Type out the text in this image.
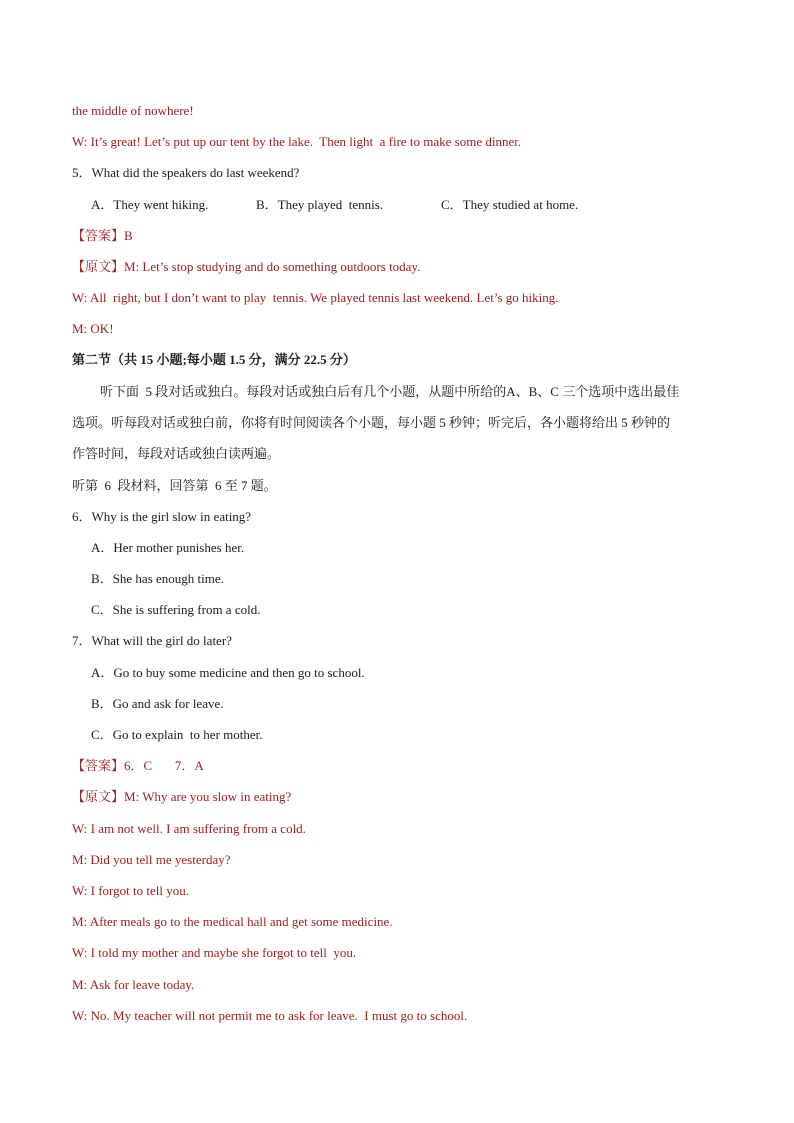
the middle of nowhere!
W: It’s great! Let’s put up our tent by the lake.  Then light  a fire to make some dinner.
5．What did the speakers do last weekend?
A．They went hiking.	B．They played  tennis.	C．They studied at home.
【答案】B
【原文】M: Let’s stop studying and do something outdoors today.
W: All  right, but I don’t want to play  tennis. We played tennis last weekend. Let’s go hiking.
M: OK!
第二节（共 15 小题;每小题 1.5 分，满分 22.5 分）
听下面  5 段对话或独白。每段对话或独白后有几个小题，从题中所给的A、B、C 三个选项中选出最佳
选项。听每段对话或独白前，你将有时间阅读各个小题，每小题 5 秒钟；听完后，各小题将给出 5 秒钟的
作答时间，每段对话或独白读两遍。
听第  6  段材料，回答第  6 至 7 题。
6．Why is the girl slow in eating?
A．Her mother punishes her.
B．She has enough time.
C．She is suffering from a cold.
7．What will the girl do later?
A．Go to buy some medicine and then go to school.
B．Go and ask for leave.
C．Go to explain  to her mother.
【答案】6．C       7．A
【原文】M: Why are you slow in eating?
W: I am not well. I am suffering from a cold.
M: Did you tell me yesterday?
W: I forgot to tell you.
M: After meals go to the medical hall and get some medicine.
W: I told my mother and maybe she forgot to tell  you.
M: Ask for leave today.
W: No. My teacher will not permit me to ask for leave.  I must go to school.
